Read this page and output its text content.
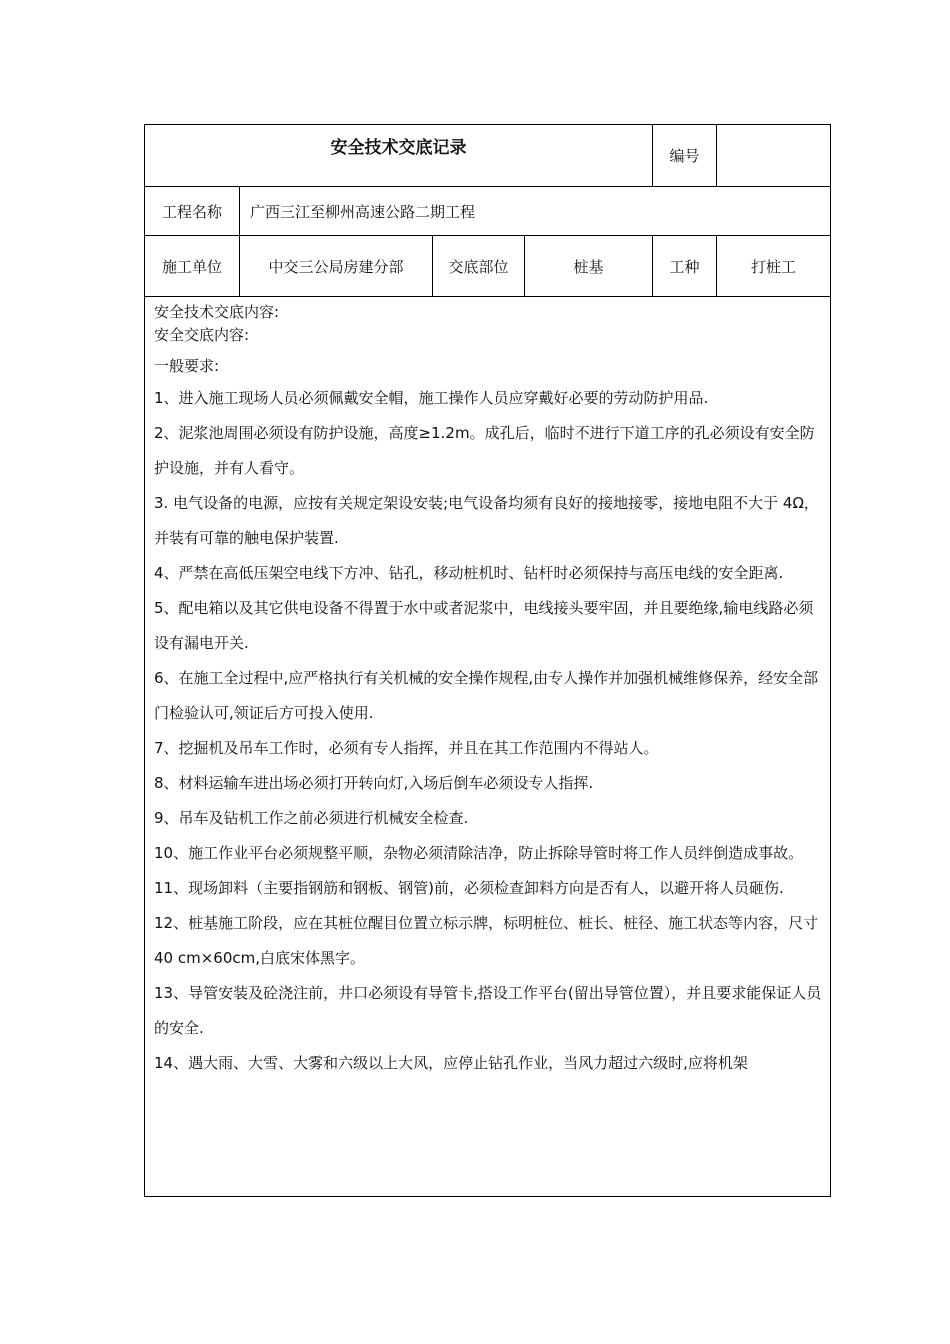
安全技术交底记录	编号
工程名称	广西三江至柳州高速公路二期工程
施工单位	中交三公局房建分部	交底部位	桩基	工种	打桩工
安全技术交底内容:
安全交底内容:
一般要求:
1、进入施工现场人员必须佩戴安全帽，施工操作人员应穿戴好必要的劳动防护用品.
2、泥浆池周围必须设有防护设施，高度≥1.2m。成孔后，临时不进行下道工序的孔必须设有安全防护设施，并有人看守。
3. 电气设备的电源，应按有关规定架设安装;电气设备均须有良好的接地接零，接地电阻不大于 4Ω，并装有可靠的触电保护装置.
4、严禁在高低压架空电线下方冲、钻孔，移动桩机时、钻杆时必须保持与高压电线的安全距离.
5、配电箱以及其它供电设备不得置于水中或者泥浆中，电线接头要牢固，并且要绝缘,输电线路必须设有漏电开关.
6、在施工全过程中,应严格执行有关机械的安全操作规程,由专人操作并加强机械维修保养，经安全部门检验认可,领证后方可投入使用.
7、挖掘机及吊车工作时，必须有专人指挥，并且在其工作范围内不得站人。
8、材料运输车进出场必须打开转向灯,入场后倒车必须设专人指挥.
9、吊车及钻机工作之前必须进行机械安全检查.
10、施工作业平台必须规整平顺，杂物必须清除洁净，防止拆除导管时将工作人员绊倒造成事故。
11、现场卸料（主要指钢筋和钢板、钢管)前，必须检查卸料方向是否有人，以避开将人员砸伤.
12、桩基施工阶段，应在其桩位醒目位置立标示牌，标明桩位、桩长、桩径、施工状态等内容，尺寸 40 cm×60cm,白底宋体黑字。
13、导管安装及砼浇注前，井口必须设有导管卡,搭设工作平台(留出导管位置），并且要求能保证人员的安全.
14、遇大雨、大雪、大雾和六级以上大风，应停止钻孔作业，当风力超过六级时,应将机架
